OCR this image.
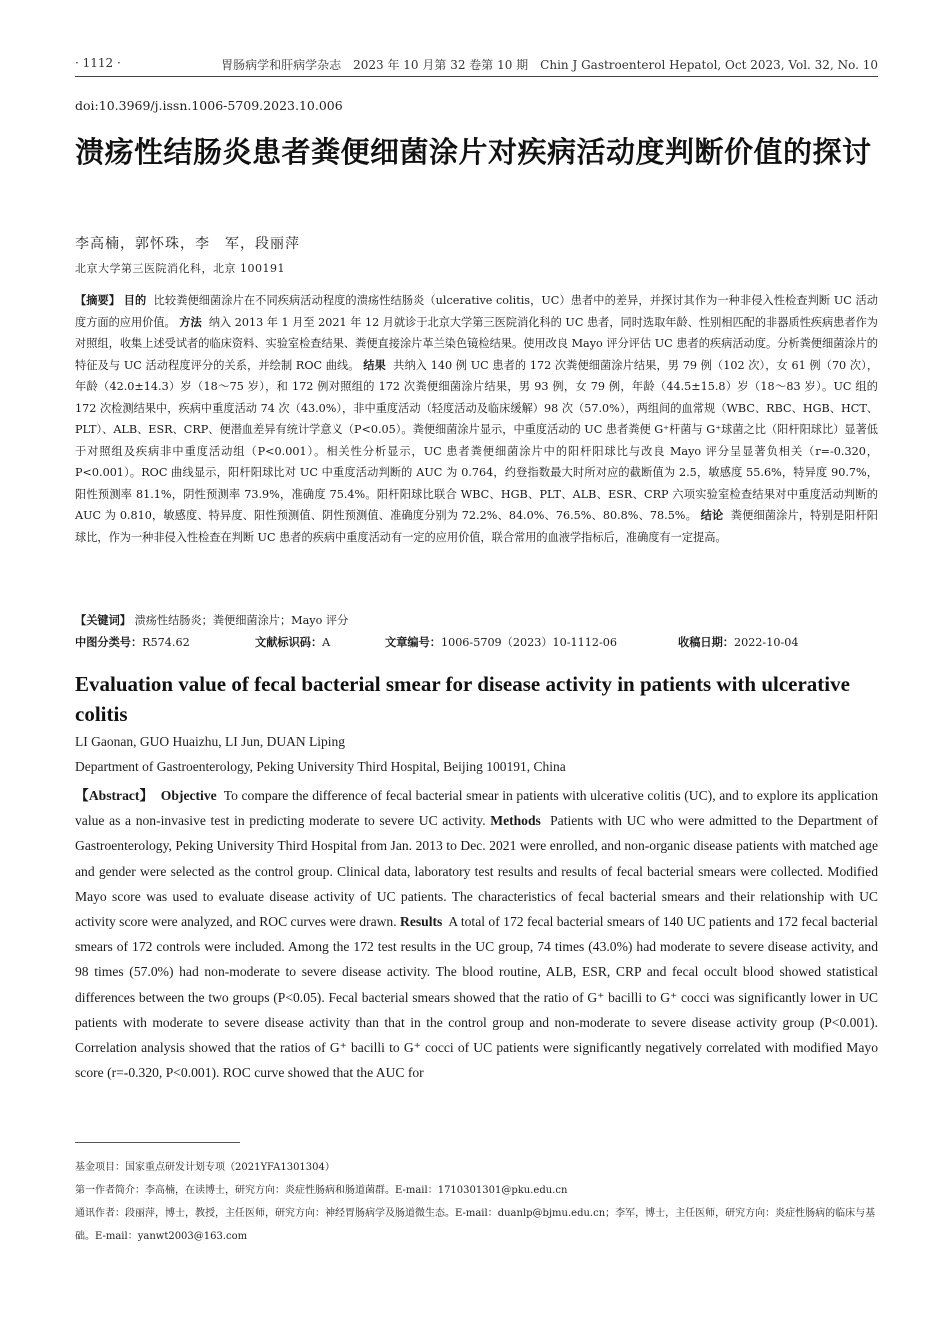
· 1112 ·	胃肠病学和肝病学杂志　2023 年 10 月第 32 卷第 10 期　Chin J Gastroenterol Hepatol, Oct 2023, Vol. 32, No. 10
doi:10.3969/j.issn.1006-5709.2023.10.006
溃疡性结肠炎患者粪便细菌涂片对疾病活动度判断价值的探讨
李高楠，郭怀珠，李　军，段丽萍
北京大学第三医院消化科，北京 100191
【摘要】 目的 比较粪便细菌涂片在不同疾病活动程度的溃疡性结肠炎（ulcerative colitis，UC）患者中的差异，并探讨其作为一种非侵入性检查判断 UC 活动度方面的应用价值。 方法 纳入 2013 年 1 月至 2021 年 12 月就诊于北京大学第三医院消化科的 UC 患者，同时选取年龄、性别相匹配的非器质性疾病患者作为对照组，收集上述受试者的临床资料、实验室检查结果、粪便直接涂片革兰染色镜检结果。使用改良 Mayo 评分评估 UC 患者的疾病活动度。分析粪便细菌涂片的特征及与 UC 活动程度评分的关系，并绘制 ROC 曲线。 结果 共纳入 140 例 UC 患者的 172 次粪便细菌涂片结果，男 79 例（102 次），女 61 例（70 次），年龄（42.0±14.3）岁（18～75 岁），和 172 例对照组的 172 次粪便细菌涂片结果，男 93 例，女 79 例，年龄（44.5±15.8）岁（18～83 岁）。UC 组的 172 次检测结果中，疾病中重度活动 74 次（43.0%），非中重度活动（轻度活动及临床缓解）98 次（57.0%），两组间的血常规（WBC、RBC、HGB、HCT、PLT）、ALB、ESR、CRP、便潜血差异有统计学意义（P<0.05）。粪便细菌涂片显示，中重度活动的 UC 患者粪便 G⁺杆菌与 G⁺球菌之比（阳杆阳球比）显著低于对照组及疾病非中重度活动组（P<0.001）。相关性分析显示，UC 患者粪便细菌涂片中的阳杆阳球比与改良 Mayo 评分呈显著负相关（r=-0.320，P<0.001）。ROC 曲线显示，阳杆阳球比对 UC 中重度活动判断的 AUC 为 0.764，约登指数最大时所对应的截断值为 2.5，敏感度 55.6%，特异度 90.7%，阳性预测率 81.1%，阴性预测率 73.9%，准确度 75.4%。阳杆阳球比联合 WBC、HGB、PLT、ALB、ESR、CRP 六项实验室检查结果对中重度活动判断的 AUC 为 0.810，敏感度、特异度、阳性预测值、阴性预测值、准确度分别为 72.2%、84.0%、76.5%、80.8%、78.5%。 结论 粪便细菌涂片，特别是阳杆阳球比，作为一种非侵入性检查在判断 UC 患者的疾病中重度活动有一定的应用价值，联合常用的血液学指标后，准确度有一定提高。
【关键词】 溃疡性结肠炎；粪便细菌涂片；Mayo 评分
中图分类号：R574.62	文献标识码：A	文章编号：1006-5709（2023）10-1112-06	收稿日期：2022-10-04
Evaluation value of fecal bacterial smear for disease activity in patients with ulcerative colitis
LI Gaonan, GUO Huaizhu, LI Jun, DUAN Liping
Department of Gastroenterology, Peking University Third Hospital, Beijing 100191, China
【Abstract】 Objective To compare the difference of fecal bacterial smear in patients with ulcerative colitis (UC), and to explore its application value as a non-invasive test in predicting moderate to severe UC activity. Methods Patients with UC who were admitted to the Department of Gastroenterology, Peking University Third Hospital from Jan. 2013 to Dec. 2021 were enrolled, and non-organic disease patients with matched age and gender were selected as the control group. Clinical data, laboratory test results and results of fecal bacterial smears were collected. Modified Mayo score was used to evaluate disease activity of UC patients. The characteristics of fecal bacterial smears and their relationship with UC activity score were analyzed, and ROC curves were drawn. Results A total of 172 fecal bacterial smears of 140 UC patients and 172 fecal bacterial smears of 172 controls were included. Among the 172 test results in the UC group, 74 times (43.0%) had moderate to severe disease activity, and 98 times (57.0%) had non-moderate to severe disease activity. The blood routine, ALB, ESR, CRP and fecal occult blood showed statistical differences between the two groups (P<0.05). Fecal bacterial smears showed that the ratio of G⁺ bacilli to G⁺ cocci was significantly lower in UC patients with moderate to severe disease activity than that in the control group and non-moderate to severe disease activity group (P<0.001). Correlation analysis showed that the ratios of G⁺ bacilli to G⁺ cocci of UC patients were significantly negatively correlated with modified Mayo score (r=-0.320, P<0.001). ROC curve showed that the AUC for
基金项目：国家重点研发计划专项（2021YFA1301304）
第一作者简介：李高楠，在读博士，研究方向：炎症性肠病和肠道菌群。E-mail：1710301301@pku.edu.cn
通讯作者：段丽萍，博士，教授，主任医师，研究方向：神经胃肠病学及肠道微生态。E-mail：duanlp@bjmu.edu.cn；李军，博士，主任医师，研究方向：炎症性肠病的临床与基础。E-mail：yanwt2003@163.com
